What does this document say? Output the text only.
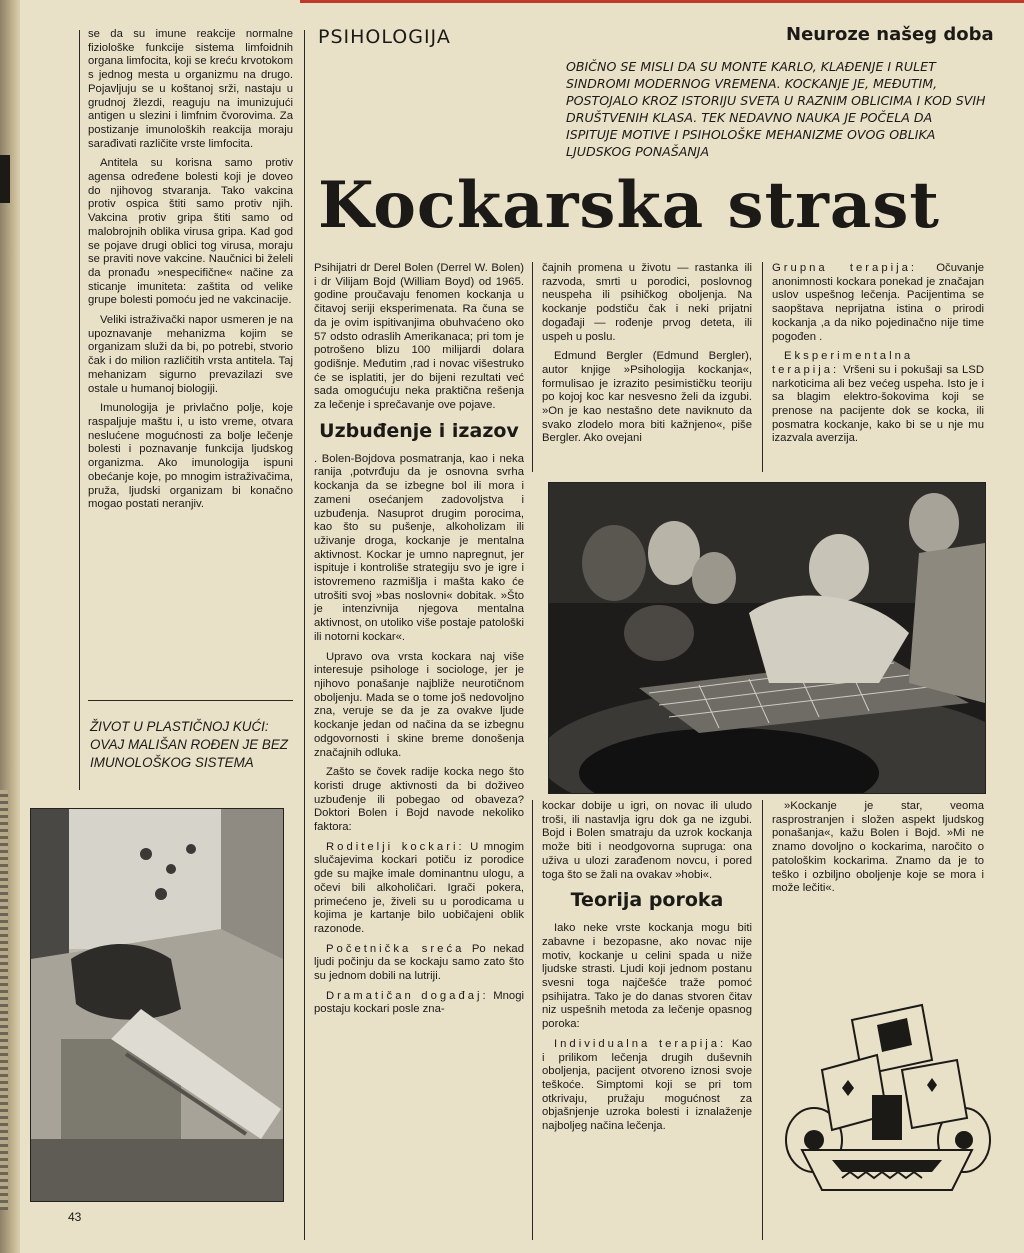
se da su imune reakcije normalne fiziološke funkcije sistema limfoidnih organa limfocita, koji se kreću krvotokom s jednog mesta u organizmu na drugo. Pojavljuju se u koštanoj srži, nastaju u grudnoj žlezdi, reaguju na imunizujući antigen u slezini i limfnim čvorovima. Za postizanje imunoloških reakcija moraju sarađivati različite vrste limfocita.

Antitela su korisna samo protiv agensa određene bolesti koji je doveo do njihovog stvaranja. Tako vakcina protiv ospica štiti samo protiv njih. Vakcina protiv gripa štiti samo od malobrojnih oblika virusa gripa. Kad god se pojave drugi oblici tog virusa, moraju se praviti nove vakcine. Naučnici bi želeli da pronađu »nespecifične« načine za sticanje imuniteta: zaštita od velike grupe bolesti pomoću jed ne vakcinacije.

Veliki istraživački napor usmeren je na upoznavanje mehanizma kojim se organizam služi da bi, po potrebi, stvorio čak i do milion različitih vrsta antitela. Taj mehanizam sigurno prevazilazi sve ostale u humanoj biologiji.

Imunologija je privlačno polje, koje raspaljuje maštu i, u isto vreme, otvara neslućene mogućnosti za bolje lečenje bolesti i poznavanje funkcija ljudskog organizma. Ako imunologija ispuni obećanje koje, po mnogim istraživačima, pruža, ljudski organizam bi konačno mogao postati neranjiv.

ŽIVOT U PLASTIČNOJ KUĆI: OVAJ MALIŠAN ROĐEN JE BEZ IMUNOLOŠKOG SISTEMA
43
PSIHOLOGIJA	Neuroze našeg doba
OBIČNO SE MISLI DA SU MONTE KARLO, KLAĐENJE I RULET SINDROMI MODERNOG VREMENA. KOCKANJE JE, MEĐUTIM, POSTOJALO KROZ ISTORIJU SVETA U RAZNIM OBLICIMA I KOD SVIH DRUŠTVENIH KLASA. TEK NEDAVNO NAUKA JE POČELA DA ISPITUJE MOTIVE I PSIHOLOŠKE MEHANIZME OVOG OBLIKA LJUDSKOG PONAŠANJA
Kockarska strast

Psihijatri dr Derel Bolen (Derrel W. Bolen) i dr Vilijam Bojd (William Boyd) od 1965. godine proučavaju fenomen kockanja u čitavoj seriji eksperimenata. Ra čuna se da je ovim ispitivanjima obuhvaćeno oko 57 odsto odraslih Amerikanaca; pri tom je potrošeno blizu 100 milijardi dolara godišnje. Međutim ,rad i novac višestruko će se isplatiti, jer do bijeni rezultati već sada omogućuju neka praktična rešenja za lečenje i sprečavanje ove pojave.

Uzbuđenje i izazov

. Bolen-Bojdova posmatranja, kao i neka ranija ,potvrđuju da je osnovna svrha kockanja da se izbegne bol ili mora i zameni osećanjem zadovoljstva i uzbuđenja. Nasuprot drugim porocima, kao što su pušenje, alkoholizam ili uživanje droga, kockanje je mentalna aktivnost. Kockar je umno napregnut, jer ispituje i kontroliše strategiju svo je igre i istovremeno razmišlja i mašta kako će utrošiti svoj »bas noslovni« dobitak. »Što je intenzivnija njegova mentalna aktivnost, on utoliko više postaje patološki ili notorni kockar«.

Upravo ova vrsta kockara naj više interesuje psihologe i sociologe, jer je njihovo ponašanje najbliže neurotičnom oboljenju. Mada se o tome još nedovoljno zna, veruje se da je za ovakve ljude kockanje jedan od načina da se izbegnu odgovornosti i skine breme donošenja značajnih odluka.

Zašto se čovek radije kocka nego što koristi druge aktivnosti da bi doživeo uzbuđenje ili pobegao od obaveza? Doktori Bolen i Bojd navode nekoliko faktora:

Roditelji kockari: U mnogim slučajevima kockari potiču iz porodice gde su majke imale dominantnu ulogu, a očevi bili alkoholičari. Igrači pokera, primećeno je, živeli su u porodicama u kojima je kartanje bilo uobičajeni oblik razonode.

Početnička sreća Po nekad ljudi počinju da se kockaju samo zato što su jednom dobili na lutriji.

Dramatičan događaj: Mnogi postaju kockari posle zna-

čajnih promena u životu — rastanka ili razvoda, smrti u porodici, poslovnog neuspeha ili psihičkog oboljenja. Na kockanje podstiču čak i neki prijatni događaji — rođenje prvog deteta, ili uspeh u poslu.

Edmund Bergler (Edmund Bergler), autor knjige »Psihologija kockanja«, formulisao je izrazito pesimističku teoriju po kojoj koc kar nesvesno želi da izgubi. »On je kao nestašno dete naviknuto da svako zlodelo mora biti kažnjeno«, piše Bergler. Ako ovejani

Grupna terapija: Očuvanje anonimnosti kockara ponekad je značajan uslov uspešnog lečenja. Pacijentima se saopštava neprijatna istina o prirodi kockanja ,a da niko pojedinačno nije time pogođen .

Eksperimentalna terapija: Vršeni su i pokušaji sa LSD narkoticima ali bez većeg uspeha. Isto je i sa blagim elektro-šokovima koji se prenose na pacijente dok se kocka, ili posmatra kockanje, kako bi se u nje mu izazvala averzija.

kockar dobije u igri, on novac ili uludo troši, ili nastavlja igru dok ga ne izgubi. Bojd i Bolen smatraju da uzrok kockanja može biti i neodgovorna supruga: ona uživa u ulozi zarađenom novcu, i pored toga što se žali na ovakav »hobi«.

Teorija poroka

Iako neke vrste kockanja mogu biti zabavne i bezopasne, ako novac nije motiv, kockanje u celini spada u niže ljudske strasti. Ljudi koji jednom postanu svesni toga najčešće traže pomoć psihijatra. Tako je do danas stvoren čitav niz uspešnih metoda za lečenje opasnog poroka:

Individualna terapija: Kao i prilikom lečenja drugih duševnih oboljenja, pacijent otvoreno iznosi svoje teškoće. Simptomi koji se pri tom otkrivaju, pružaju mogućnost za objašnjenje uzroka bolesti i iznalaženje najboljeg načina lečenja.

»Kockanje je star, veoma rasprostranjen i složen aspekt ljudskog ponašanja«, kažu Bolen i Bojd. »Mi ne znamo dovoljno o kockarima, naročito o patološkim kockarima. Znamo da je to teško i ozbiljno oboljenje koje se mora i može lečiti«.
